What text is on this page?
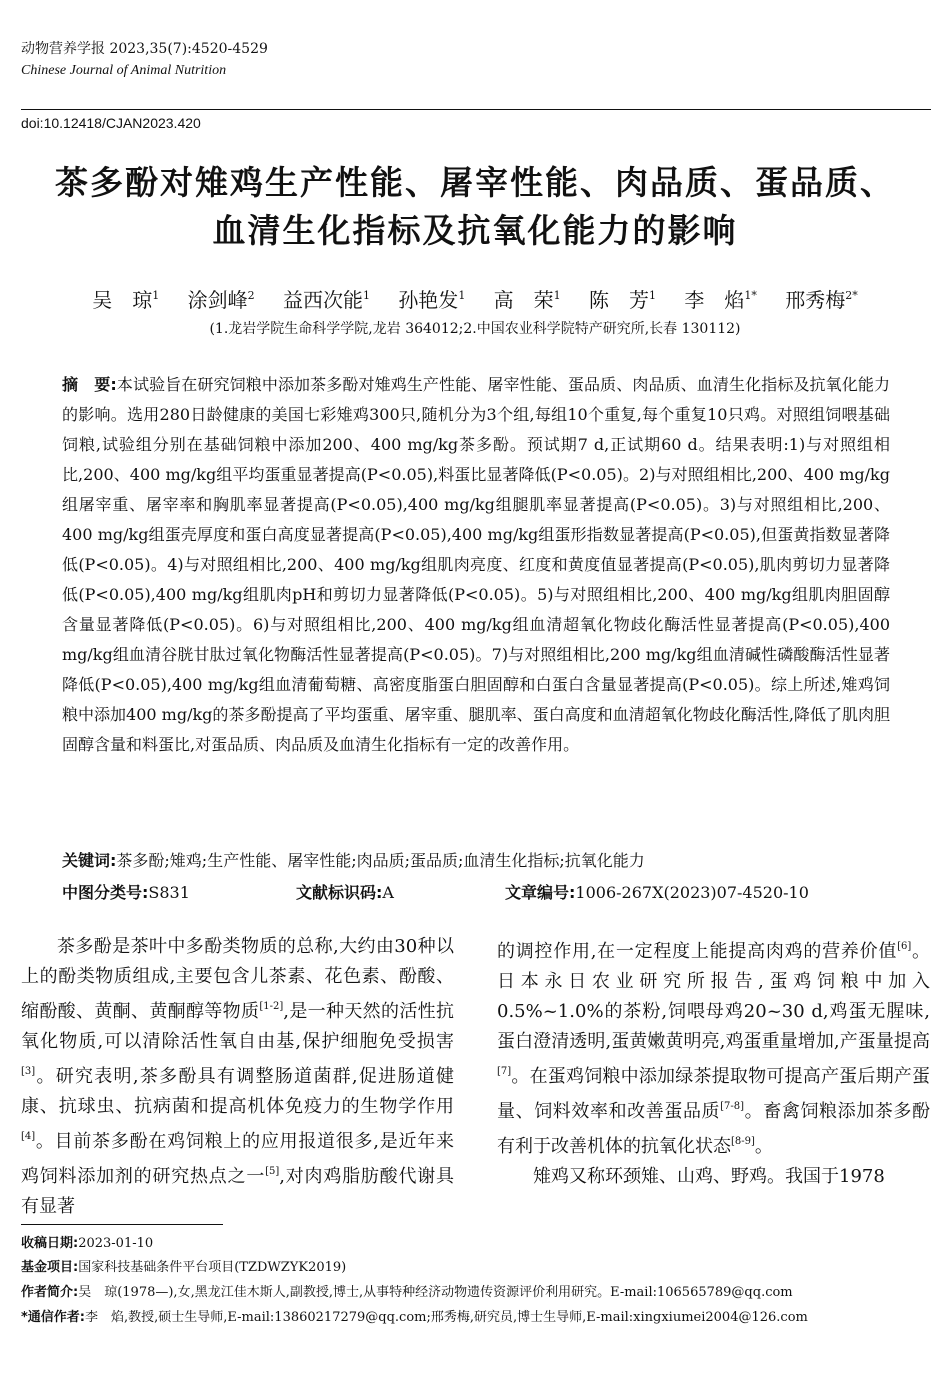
动物营养学报 2023,35(7):4520-4529
Chinese Journal of Animal Nutrition
doi:10.12418/CJAN2023.420
茶多酚对雉鸡生产性能、屠宰性能、肉品质、蛋品质、
血清生化指标及抗氧化能力的影响
吴　琼$^1$ 涂剑峰$^2$ 益西次能$^1$ 孙艳发$^1$ 高　荣$^1$ 陈　芳$^1$ 李　焰$^{1*}$ 邢秀梅$^{2*}$
(1.龙岩学院生命科学学院,龙岩 364012;2.中国农业科学院特产研究所,长春 130112)
摘　要:本试验旨在研究饲粮中添加茶多酚对雉鸡生产性能、屠宰性能、蛋品质、肉品质、血清生化指标及抗氧化能力的影响。选用280日龄健康的美国七彩雉鸡300只,随机分为3个组,每组10个重复,每个重复10只鸡。对照组饲喂基础饲粮,试验组分别在基础饲粮中添加200、400 mg/kg茶多酚。预试期7 d,正试期60 d。结果表明:1)与对照组相比,200、400 mg/kg组平均蛋重显著提高(P<0.05),料蛋比显著降低(P<0.05)。2)与对照组相比,200、400 mg/kg组屠宰重、屠宰率和胸肌率显著提高(P<0.05),400 mg/kg组腿肌率显著提高(P<0.05)。3)与对照组相比,200、400 mg/kg组蛋壳厚度和蛋白高度显著提高(P<0.05),400 mg/kg组蛋形指数显著提高(P<0.05),但蛋黄指数显著降低(P<0.05)。4)与对照组相比,200、400 mg/kg组肌肉亮度、红度和黄度值显著提高(P<0.05),肌肉剪切力显著降低(P<0.05),400 mg/kg组肌肉pH和剪切力显著降低(P<0.05)。5)与对照组相比,200、400 mg/kg组肌肉胆固醇含量显著降低(P<0.05)。6)与对照组相比,200、400 mg/kg组血清超氧化物歧化酶活性显著提高(P<0.05),400 mg/kg组血清谷胱甘肽过氧化物酶活性显著提高(P<0.05)。7)与对照组相比,200 mg/kg组血清碱性磷酸酶活性显著降低(P<0.05),400 mg/kg组血清葡萄糖、高密度脂蛋白胆固醇和白蛋白含量显著提高(P<0.05)。综上所述,雉鸡饲粮中添加400 mg/kg的茶多酚提高了平均蛋重、屠宰重、腿肌率、蛋白高度和血清超氧化物歧化酶活性,降低了肌肉胆固醇含量和料蛋比,对蛋品质、肉品质及血清生化指标有一定的改善作用。
关键词:茶多酚;雉鸡;生产性能、屠宰性能;肉品质;蛋品质;血清生化指标;抗氧化能力
中图分类号:S831	文献标识码:A	文章编号:1006-267X(2023)07-4520-10

茶多酚是茶叶中多酚类物质的总称,大约由30种以上的酚类物质组成,主要包含儿茶素、花色素、酚酸、缩酚酸、黄酮、黄酮醇等物质[1-2],是一种天然的活性抗氧化物质,可以清除活性氧自由基,保护细胞免受损害[3]。研究表明,茶多酚具有调整肠道菌群,促进肠道健康、抗球虫、抗病菌和提高机体免疫力的生物学作用[4]。目前茶多酚在鸡饲粮上的应用报道很多,是近年来鸡饲料添加剂的研究热点之一[5],对肉鸡脂肪酸代谢具有显著

的调控作用,在一定程度上能提高肉鸡的营养价值[6]。日本永日农业研究所报告,蛋鸡饲粮中加入0.5%~1.0%的茶粉,饲喂母鸡20~30 d,鸡蛋无腥味,蛋白澄清透明,蛋黄嫩黄明亮,鸡蛋重量增加,产蛋量提高[7]。在蛋鸡饲粮中添加绿茶提取物可提高产蛋后期产蛋量、饲料效率和改善蛋品质[7-8]。畜禽饲粮添加茶多酚有利于改善机体的抗氧化状态[8-9]。

雉鸡又称环颈雉、山鸡、野鸡。我国于1978

收稿日期:2023-01-10
基金项目:国家科技基础条件平台项目(TZDWZYK2019)
作者简介:吴　琼(1978—),女,黑龙江佳木斯人,副教授,博士,从事特种经济动物遗传资源评价利用研究。E-mail:106565789@qq.com
*通信作者:李　焰,教授,硕士生导师,E-mail:13860217279@qq.com;邢秀梅,研究员,博士生导师,E-mail:xingxiumei2004@126.com
